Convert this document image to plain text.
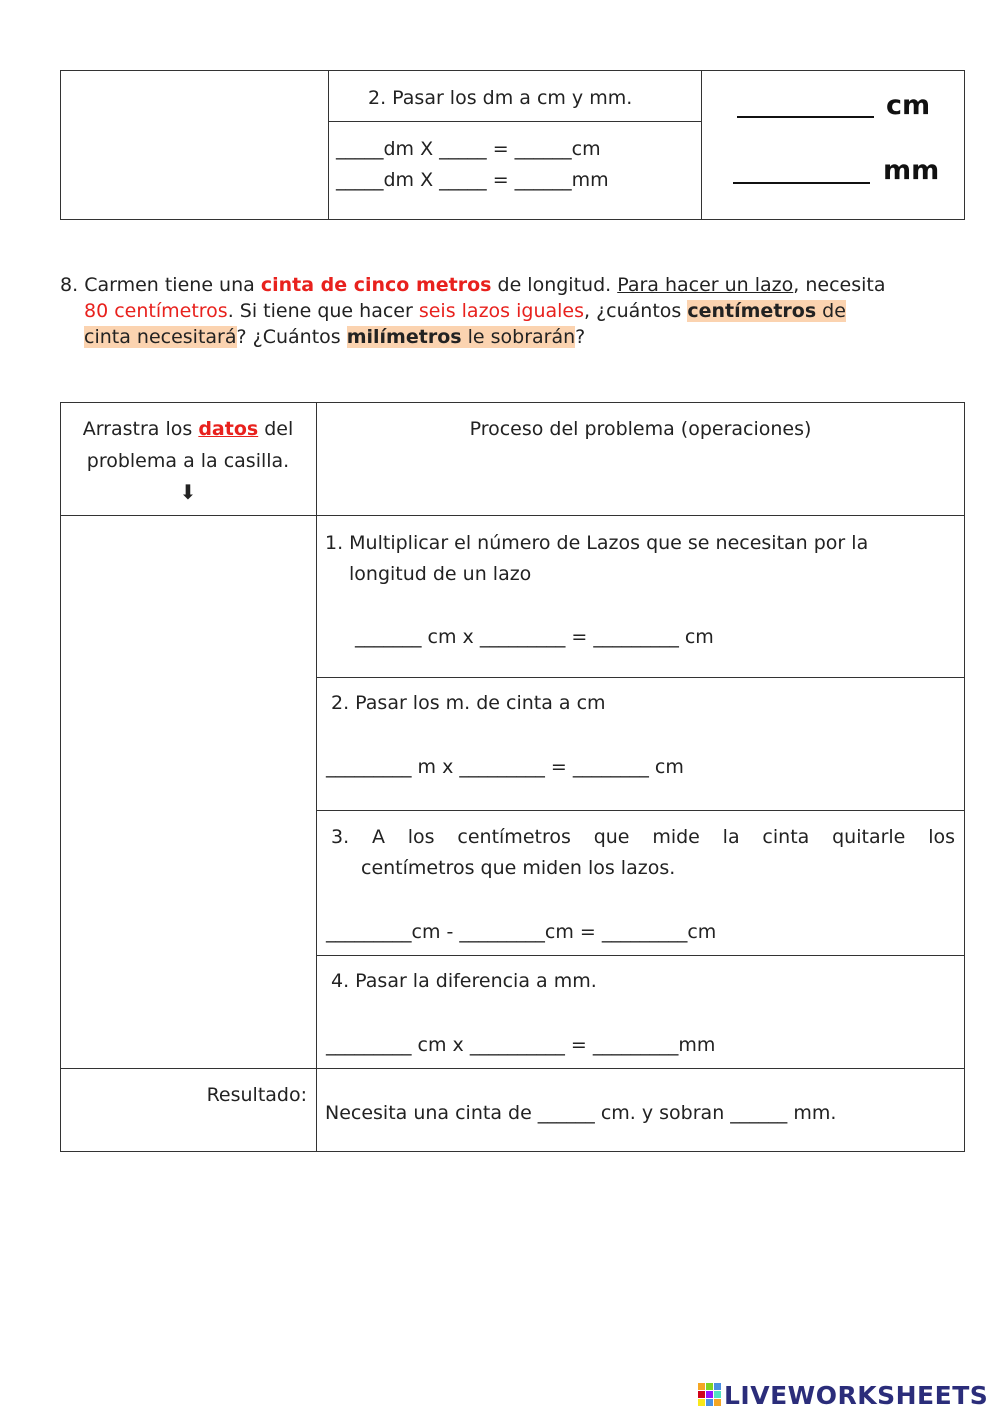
2. Pasar los dm a cm y mm.
_____dm X _____ = ______cm
_____dm X _____ = ______mm
cm
mm
8. Carmen tiene una cinta de cinco metros de longitud. Para hacer un lazo, necesita
80 centímetros. Si tiene que hacer seis lazos iguales, ¿cuántos centímetros de
cinta necesitará? ¿Cuántos milímetros le sobrarán?
Arrastra los datos del
problema a la casilla.
⬇
Proceso del problema (operaciones)
1. Multiplicar el número de Lazos que se necesitan por la
longitud de un lazo
_______ cm x _________ = _________ cm
2. Pasar los m. de cinta a cm
_________ m x _________ = ________ cm
3. A los centímetros que mide la cinta quitarle los
centímetros que miden los lazos.
_________cm - _________cm = _________cm
4. Pasar la diferencia a mm.
_________ cm x __________ = _________mm
Resultado:
Necesita una cinta de ______ cm. y sobran ______ mm.
LIVEWORKSHEETS
